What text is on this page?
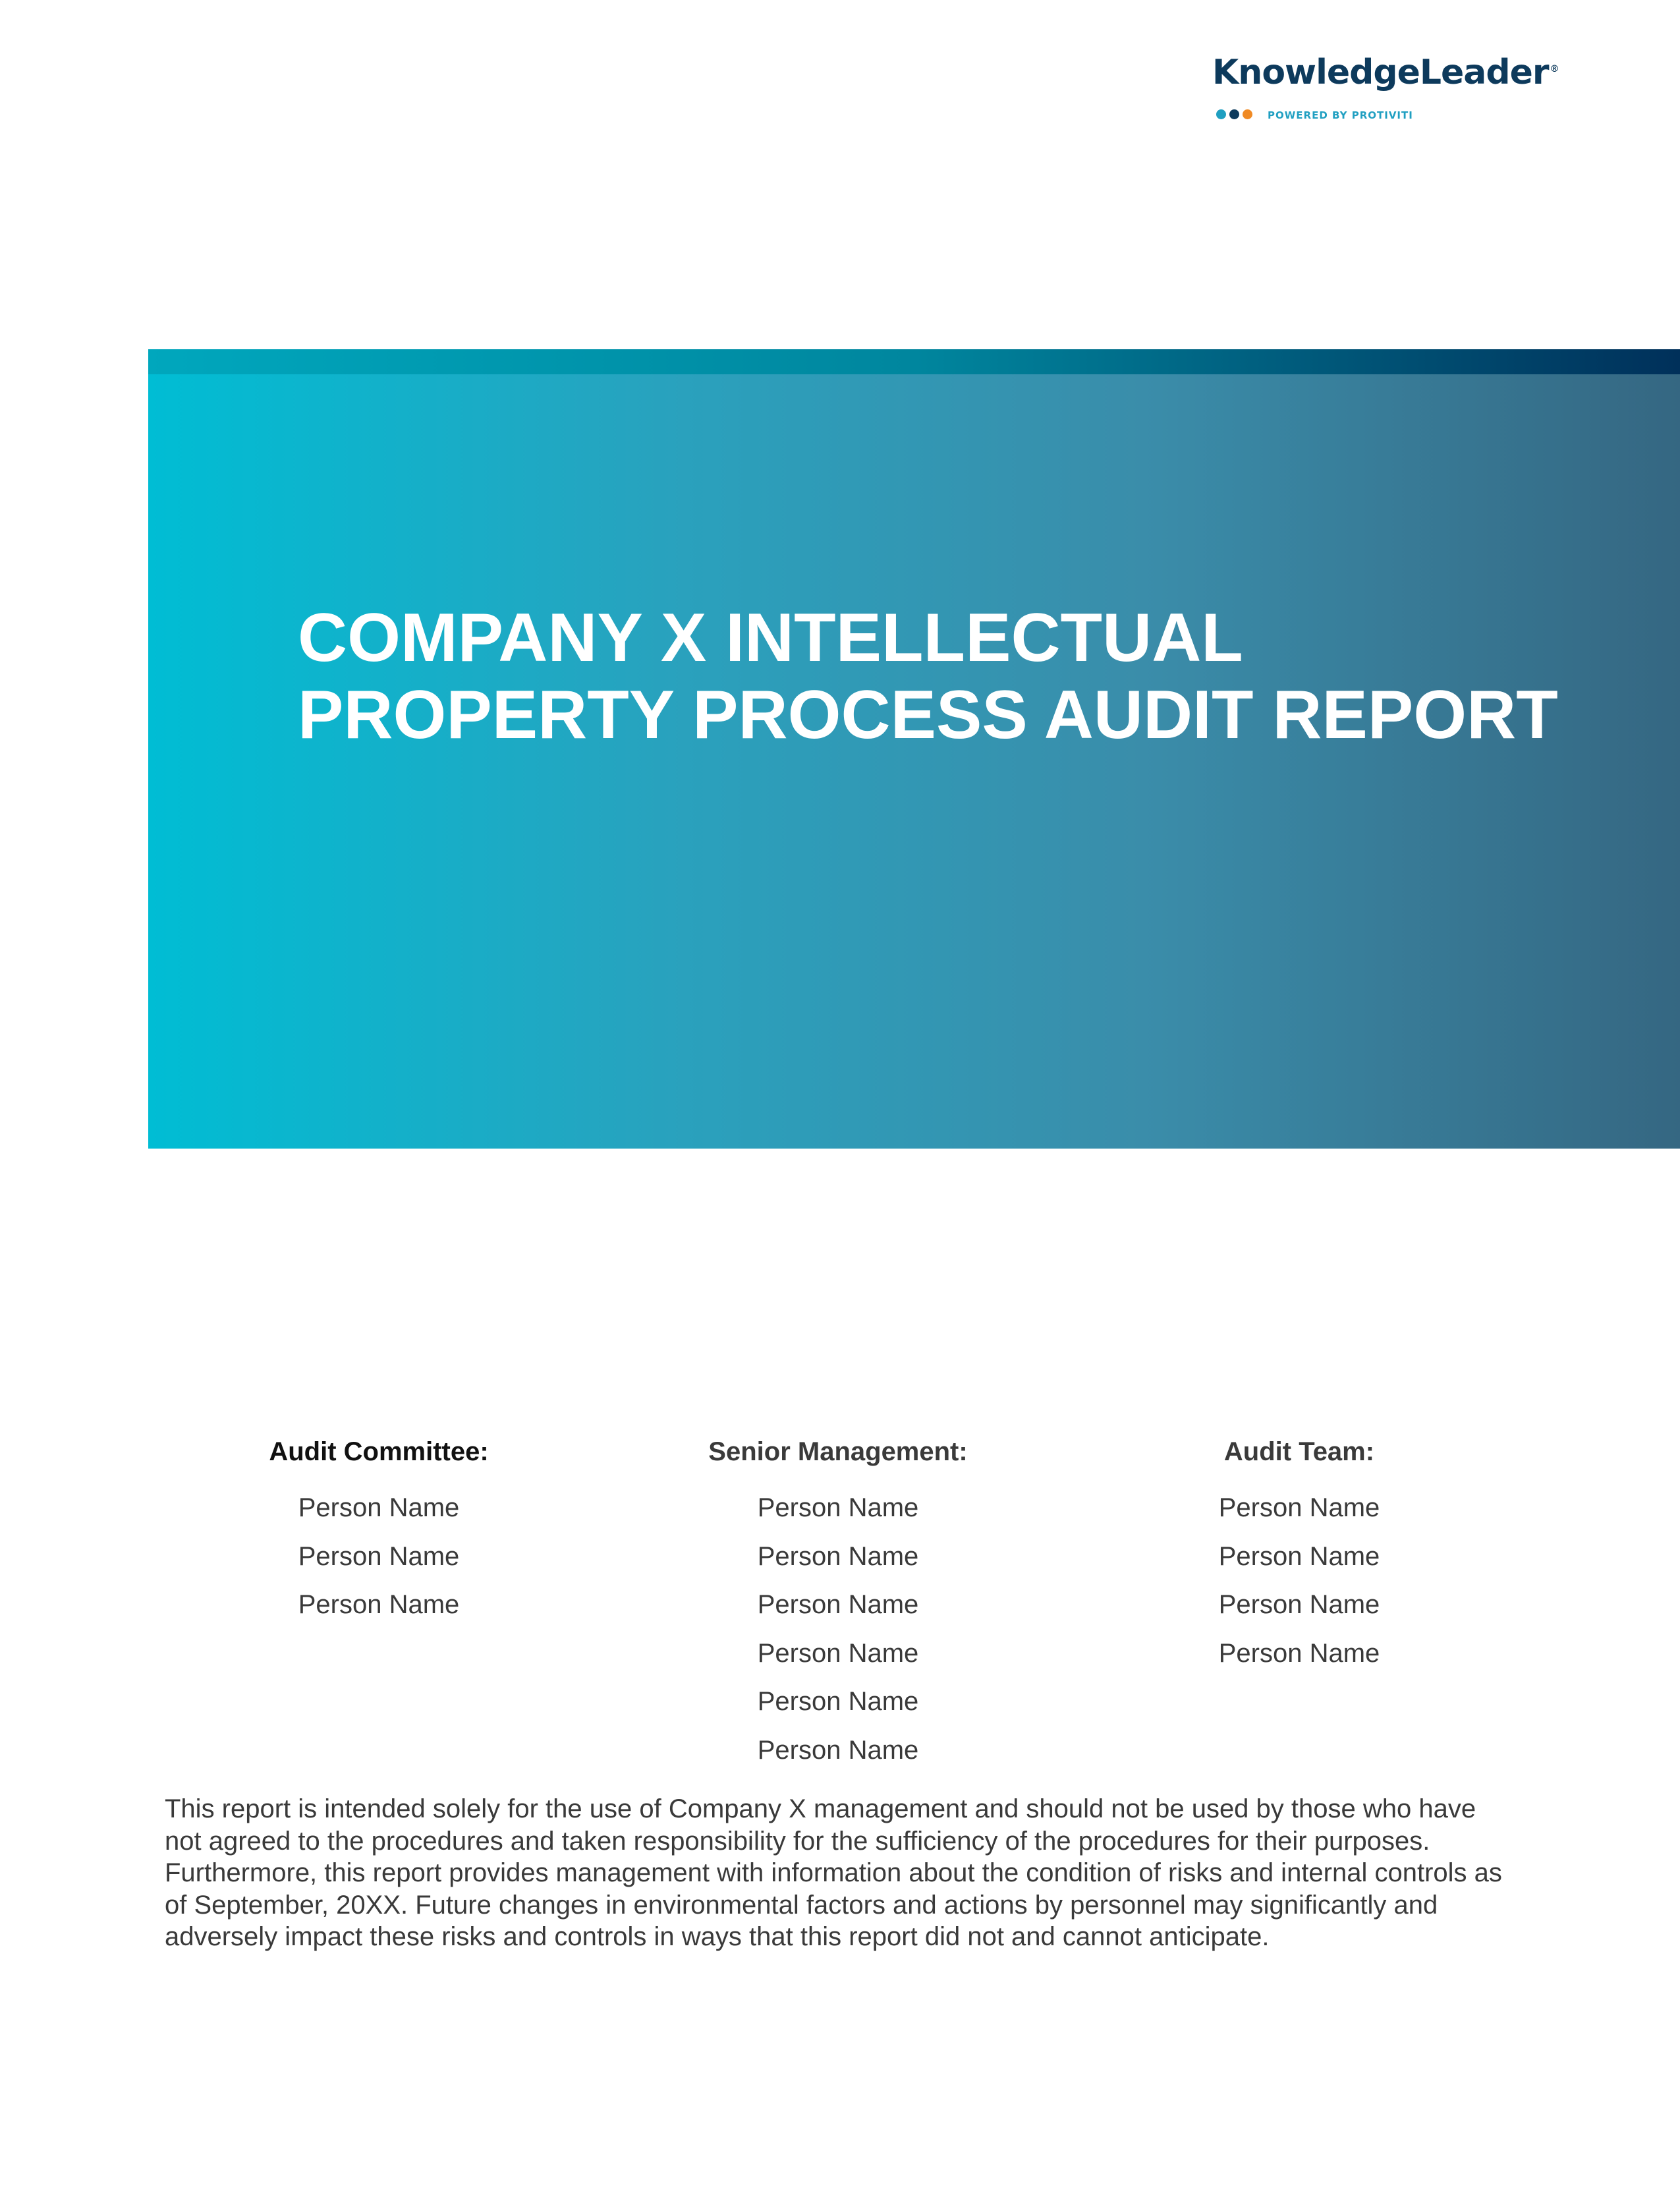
KnowledgeLeader ®
POWERED BY PROTIVITI
COMPANY X INTELLECTUAL
PROPERTY PROCESS AUDIT REPORT
Audit Committee:
Person Name
Person Name
Person Name
Senior Management:
Person Name
Person Name
Person Name
Person Name
Person Name
Person Name
Audit Team:
Person Name
Person Name
Person Name
Person Name

This report is intended solely for the use of Company X management and should not be used by those who have not agreed to the procedures and taken responsibility for the sufficiency of the procedures for their purposes. Furthermore, this report provides management with information about the condition of risks and internal controls as of September, 20XX. Future changes in environmental factors and actions by personnel may significantly and adversely impact these risks and controls in ways that this report did not and cannot anticipate.
